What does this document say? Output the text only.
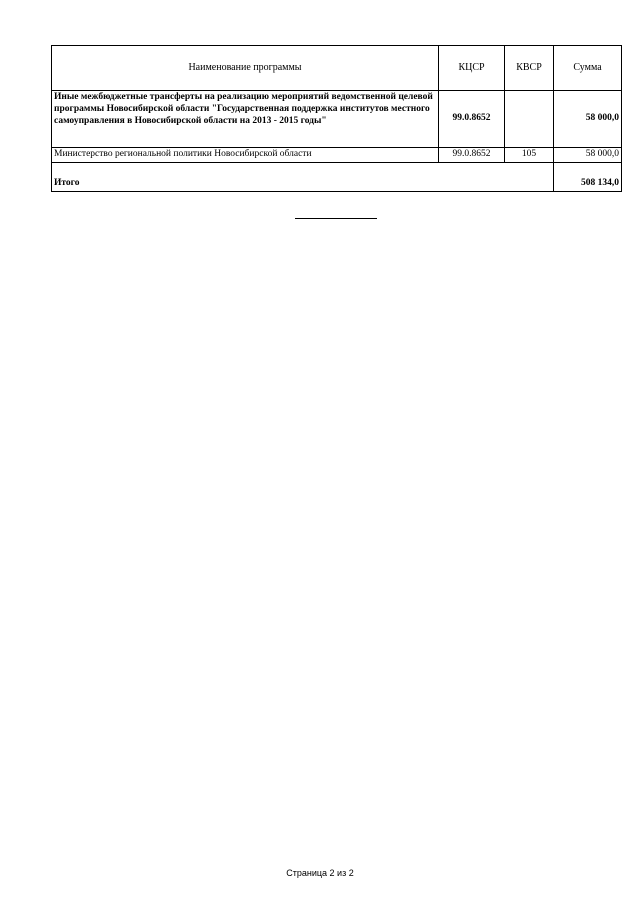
Наименование программы	КЦСР	КВСР	Сумма
Иные межбюджетные трансферты на реализацию мероприятий ведомственной целевой программы Новосибирской области "Государственная поддержка институтов местного самоуправления в Новосибирской области на 2013 - 2015 годы"	99.0.8652		58 000,0
Министерство региональной политики Новосибирской области	99.0.8652	105	58 000,0
Итого			508 134,0
Страница 2 из 2
